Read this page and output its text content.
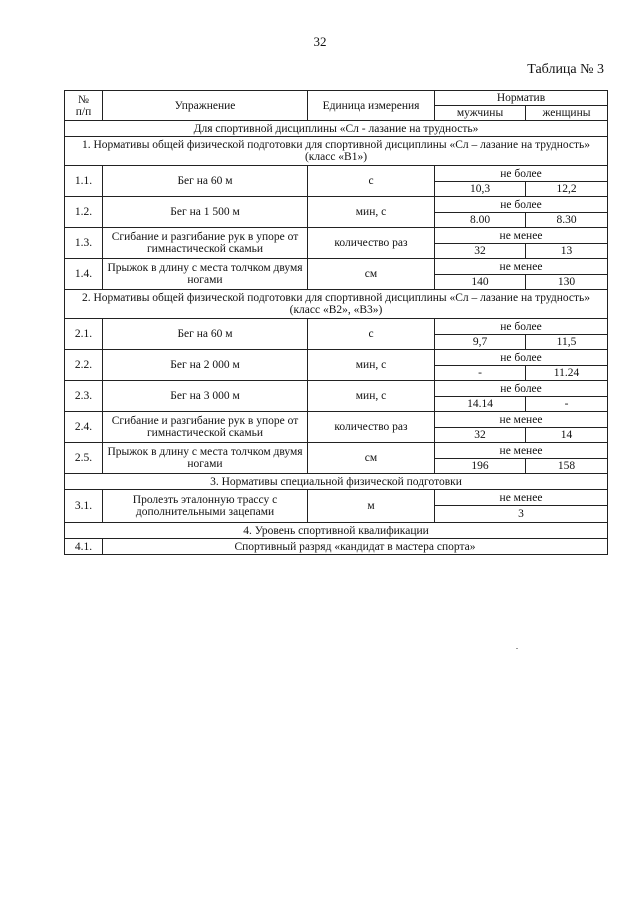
32
Таблица № 3
№
п/п	Упражнение	Единица измерения	Норматив	
			мужчины	женщины
Для спортивной дисциплины «Сл - лазание на трудность»				
1. Нормативы общей физической подготовки для спортивной дисциплины «Сл – лазание на трудность» (класс «В1»)				
1.1.	Бег на 60 м	с	не более	
			10,3	12,2
1.2.	Бег на 1 500 м	мин, с	не более	
			8.00	8.30
1.3.	Сгибание и разгибание рук в упоре от гимнастической скамьи	количество раз	не менее	
			32	13
1.4.	Прыжок в длину с места толчком двумя ногами	см	не менее	
			140	130
2. Нормативы общей физической подготовки для спортивной дисциплины «Сл – лазание на трудность» (класс «В2», «В3»)				
2.1.	Бег на 60 м	с	не более	
			9,7	11,5
2.2.	Бег на 2 000 м	мин, с	не более	
			-	11.24
2.3.	Бег на 3 000 м	мин, с	не более	
			14.14	-
2.4.	Сгибание и разгибание рук в упоре от гимнастической скамьи	количество раз	не менее	
			32	14
2.5.	Прыжок в длину с места толчком двумя ногами	см	не менее	
			196	158
3. Нормативы специальной физической подготовки				
3.1.	Пролезть эталонную трассу с дополнительными зацепами	м	не менее	
			3	
4. Уровень спортивной квалификации				
4.1.	Спортивный разряд «кандидат в мастера спорта»			
